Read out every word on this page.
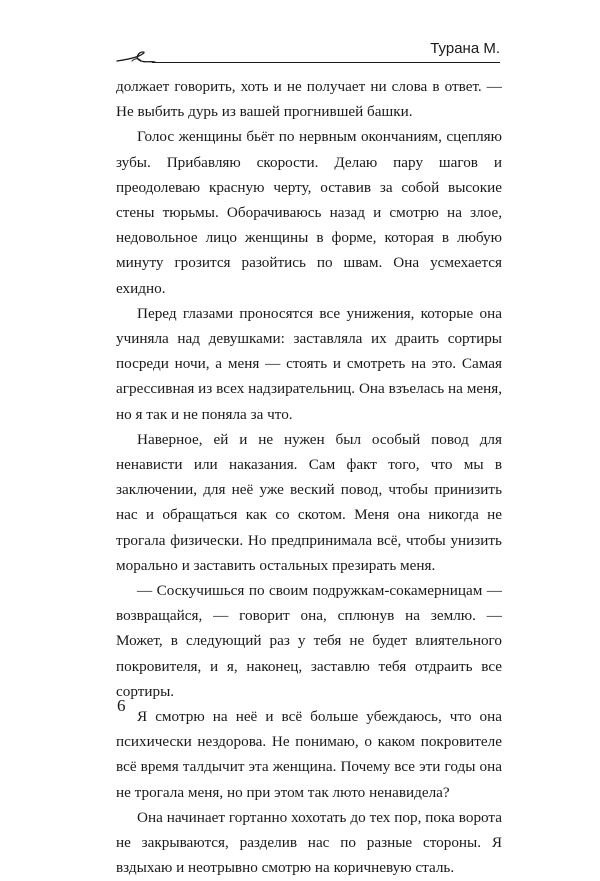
Турана М.

должает говорить, хоть и не получает ни слова в ответ. — Не выбить дурь из вашей прогнившей башки.

Голос женщины бьёт по нервным окончаниям, сцепляю зубы. Прибавляю скорости. Делаю пару шагов и преодолеваю красную черту, оставив за собой высокие стены тюрьмы. Оборачиваюсь назад и смотрю на злое, недовольное лицо женщины в форме, которая в любую минуту грозится разойтись по швам. Она усмехается ехидно.

Перед глазами проносятся все унижения, которые она учиняла над девушками: заставляла их драить сортиры посреди ночи, а меня — стоять и смотреть на это. Самая агрессивная из всех надзирательниц. Она взъелась на меня, но я так и не поняла за что.

Наверное, ей и не нужен был особый повод для ненависти или наказания. Сам факт того, что мы в заключении, для неё уже веский повод, чтобы принизить нас и обращаться как со скотом. Меня она никогда не трогала физически. Но предпринимала всё, чтобы унизить морально и заставить остальных презирать меня.

— Соскучишься по своим подружкам-сокамерницам — возвращайся, — говорит она, сплюнув на землю. — Может, в следующий раз у тебя не будет влиятельного покровителя, и я, наконец, заставлю тебя отдраить все сортиры.

Я смотрю на неё и всё больше убеждаюсь, что она психически нездорова. Не понимаю, о каком покровителе всё время талдычит эта женщина. Почему все эти годы она не трогала меня, но при этом так люто ненавидела?

Она начинает гортанно хохотать до тех пор, пока ворота не закрываются, разделив нас по разные стороны. Я вздыхаю и неотрывно смотрю на коричневую сталь.

6
